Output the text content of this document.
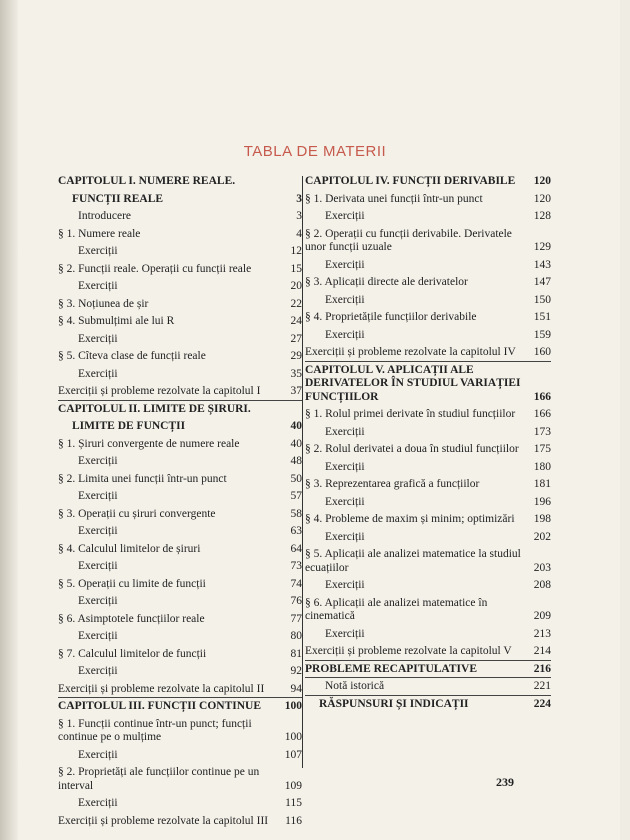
TABLA DE MATERII
CAPITOLUL I. NUMERE REALE.
FUNCȚII REALE	3
Introducere	3
§ 1. Numere reale	4
Exerciții	12
§ 2. Funcții reale. Operații cu funcții reale	15
Exerciții	20
§ 3. Noțiunea de șir	22
§ 4. Submulțimi ale lui R	24
Exerciții	27
§ 5. Cîteva clase de funcții reale	29
Exerciții	35
Exerciții și probleme rezolvate la capitolul I	37
CAPITOLUL II. LIMITE DE ȘIRURI.
LIMITE DE FUNCȚII	40
§ 1. Șiruri convergente de numere reale	40
Exerciții	48
§ 2. Limita unei funcții într-un punct	50
Exerciții	57
§ 3. Operații cu șiruri convergente	58
Exerciții	63
§ 4. Calculul limitelor de șiruri	64
Exerciții	73
§ 5. Operații cu limite de funcții	74
Exerciții	76
§ 6. Asimptotele funcțiilor reale	77
Exerciții	80
§ 7. Calculul limitelor de funcții	81
Exerciții	92
Exerciții și probleme rezolvate la capitolul II	94
CAPITOLUL III. FUNCȚII CONTINUE	100
§ 1. Funcții continue într-un punct; funcții continue pe o mulțime	100
Exerciții	107
§ 2. Proprietăți ale funcțiilor continue pe un interval	109
Exerciții	115
Exerciții și probleme rezolvate la capitolul III	116
CAPITOLUL IV. FUNCȚII DERIVABILE	120
§ 1. Derivata unei funcții într-un punct	120
Exerciții	128
§ 2. Operații cu funcții derivabile. Derivatele unor funcții uzuale	129
Exerciții	143
§ 3. Aplicații directe ale derivatelor	147
Exerciții	150
§ 4. Proprietățile funcțiilor derivabile	151
Exerciții	159
Exerciții și probleme rezolvate la capitolul IV	160
CAPITOLUL V. APLICAȚII ALE DERIVATELOR ÎN STUDIUL VARIAȚIEI FUNCȚIILOR	166
§ 1. Rolul primei derivate în studiul funcțiilor	166
Exerciții	173
§ 2. Rolul derivatei a doua în studiul funcțiilor	175
Exerciții	180
§ 3. Reprezentarea grafică a funcțiilor	181
Exerciții	196
§ 4. Probleme de maxim și minim; optimizări	198
Exerciții	202
§ 5. Aplicații ale analizei matematice la studiul ecuațiilor	203
Exerciții	208
§ 6. Aplicații ale analizei matematice în cinematică	209
Exerciții	213
Exerciții și probleme rezolvate la capitolul V	214
PROBLEME RECAPITULATIVE	216
Notă istorică	221
RĂSPUNSURI ȘI INDICAȚII	224
239
